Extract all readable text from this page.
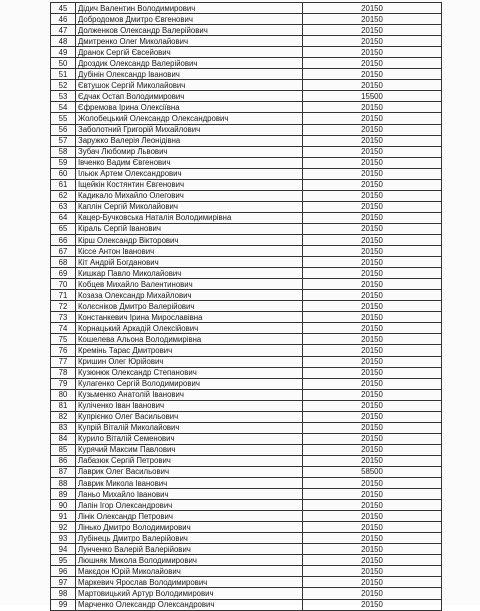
45	Дідич Валентин Володимирович	20150
46	Добродомов Дмитро Євгенович	20150
47	Долженков Олександр Валерійович	20150
48	Дмитренко Олег Миколайович	20150
49	Дранок Сергій Євсейович	20150
50	Дроздик Олександр Валерійович	20150
51	Дубінін Олександр Іванович	20150
52	Євтушок Сергій Миколайович	20150
53	Єдчак Остап Володимирович	15500
54	Єфремова Ірина Олексіївна	20150
55	Жолобецький Олександр Олександрович	20150
56	Заболотний Григорій Михайлович	20150
57	Заружко Валерія Леонідівна	20150
58	Зубач Любомир Львович	20150
59	Івченко Вадим Євгенович	20150
60	Ільюк Артем Олександрович	20150
61	Іщейкін Костянтин Євгенович	20150
62	Кадикало Михайло Олегович	20150
63	Каплін Сергій Миколайович	20150
64	Кацер-Бучковська Наталія Володимирівна	20150
65	Кіраль Сергій Іванович	20150
66	Кірш Олександр Вікторович	20150
67	Кіссе Антон Іванович	20150
68	Кіт Андрій Богданович	20150
69	Кишкар Павло Миколайович	20150
70	Кобцев Михайло Валентинович	20150
71	Козаза Олександр Михайлович	20150
72	Колєсніков Дмитро Валерійович	20150
73	Констанкевич Ірина Мирославівна	20150
74	Корнацький Аркадій Олексійович	20150
75	Кошелева Альона Володимирівна	20150
76	Кремінь Тарас Дмитрович	20150
77	Кришин Олег Юрійович	20150
78	Кузюнюк Олександр Степанович	20150
79	Кулагенко Сергій Володимирович	20150
80	Кузьменко Анатолій Іванович	20150
81	Куліченко Іван Іванович	20150
82	Купрієнко Олег Васильович	20150
83	Купрій Віталій Миколайович	20150
84	Курило Віталій Семенович	20150
85	Курячий Максим Павлович	20150
86	Лабазюк Сергій Петрович	20150
87	Лаврик Олег Васильович	58500
88	Лаврик Микола Іванович	20150
89	Ланьо Михайло Іванович	20150
90	Лапін Ігор Олександрович	20150
91	Лінік Олександр Петрович	20150
92	Лінько Дмитро Володимирович	20150
93	Лубінець Дмитро Валерійович	20150
94	Лунченко Валерій Валерійович	20150
95	Люшняк Микола Володимирович	20150
96	Макєдон Юрій Миколайович	20150
97	Маркевич Ярослав Володимирович	20150
98	Мартовицький Артур Володимирович	20150
99	Марченко Олександр Олександрович	20150
